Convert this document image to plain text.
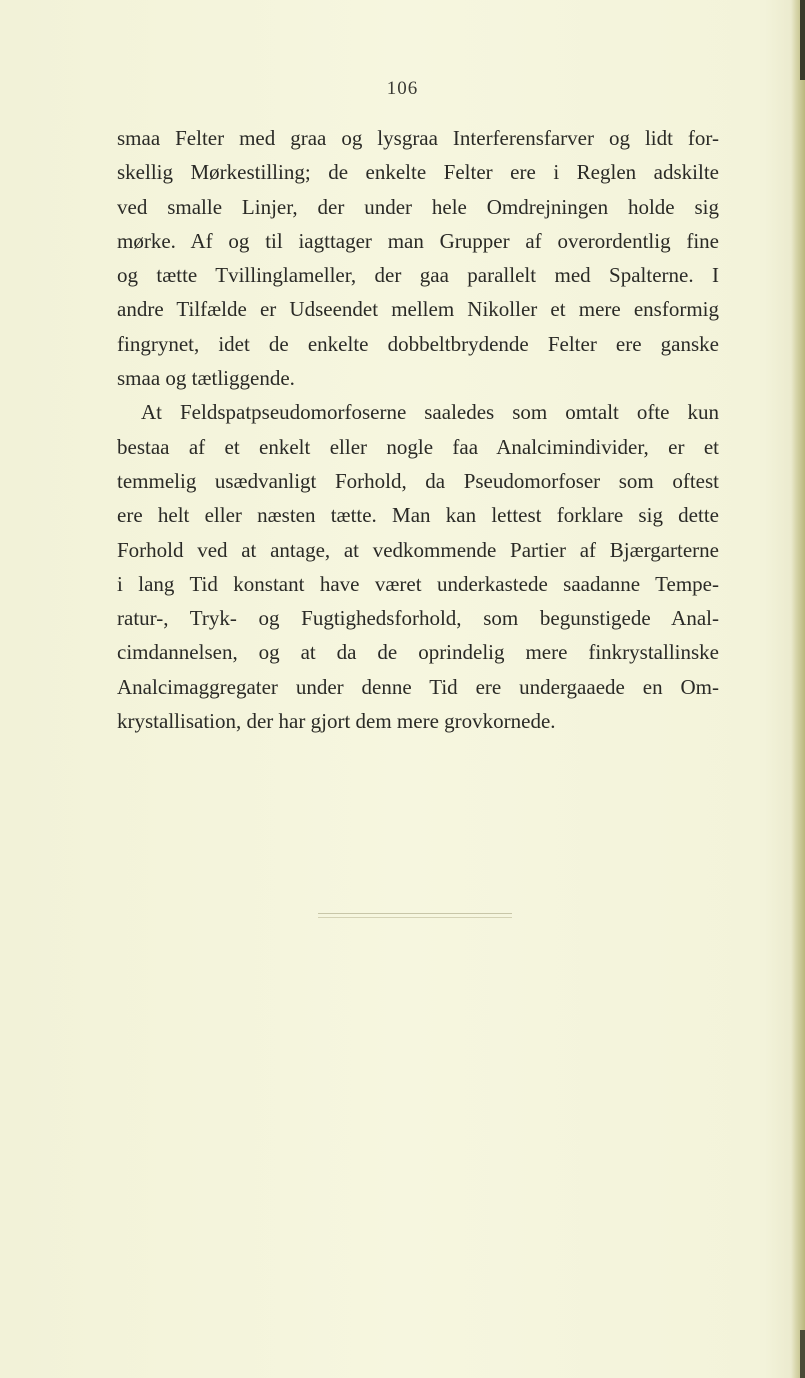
106
smaa Felter med graa og lysgraa Interferensfarver og lidt for-
skellig Mørkestilling; de enkelte Felter ere i Reglen adskilte
ved smalle Linjer, der under hele Omdrejningen holde sig
mørke. Af og til iagttager man Grupper af overordentlig fine
og tætte Tvillinglameller, der gaa parallelt med Spalterne. I
andre Tilfælde er Udseendet mellem Nikoller et mere ensformig
fingrynet, idet de enkelte dobbeltbrydende Felter ere ganske
smaa og tætliggende.
At Feldspatpseudomorfoserne saaledes som omtalt ofte kun
bestaa af et enkelt eller nogle faa Analcimindivider, er et
temmelig usædvanligt Forhold, da Pseudomorfoser som oftest
ere helt eller næsten tætte. Man kan lettest forklare sig dette
Forhold ved at antage, at vedkommende Partier af Bjærgarterne
i lang Tid konstant have været underkastede saadanne Tempe-
ratur-, Tryk- og Fugtighedsforhold, som begunstigede Anal-
cimdannelsen, og at da de oprindelig mere finkrystallinske
Analcimaggregater under denne Tid ere undergaaede en Om-
krystallisation, der har gjort dem mere grovkornede.
